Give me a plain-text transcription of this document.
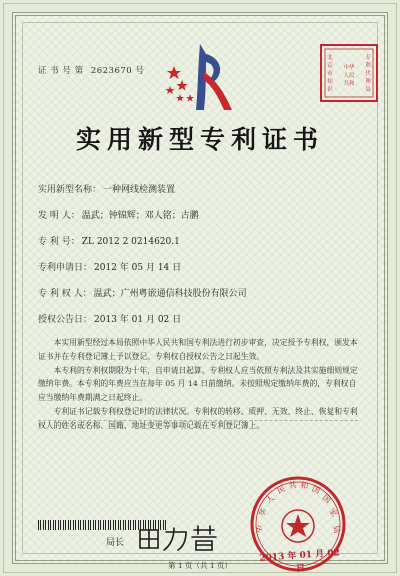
证 书 号 第 2623670 号
北
京
市
知
识
专
利
代
理
局
中华
人民
共和
实用新型专利证书
实用新型名称： 一种网线检测装置
发 明 人： 温武；钟锦辉；邓人铭；古鹏
专 利 号： ZL 2012 2 0214620.1
专利申请日： 2012 年 05 月 14 日
专 利 权 人： 温武；广州粤嵌通信科技股份有限公司
授权公告日： 2013 年 01 月 02 日

本实用新型经过本局依照中华人民共和国专利法进行初步审查，决定授予专利权，颁发本证书并在专利登记簿上予以登记。专利权自授权公告之日起生效。

本专利的专利权期限为十年，自申请日起算。专利权人应当依照专利法及其实施细则规定缴纳年费。本专利的年费应当在每年 05 月 14 日前缴纳。未按照规定缴纳年费的，专利权自应当缴纳年费期满之日起终止。

专利证书记载专利权登记时的法律状况。专利权的转移、质押、无效、终止、恢复和专利权人的姓名或名称、国籍、地址变更等事项记载在专利登记簿上。

局长
中
华
人
民 共 和 国
国
家
局
2013 年 01 月 02 日
第 1 页（共 1 页）
